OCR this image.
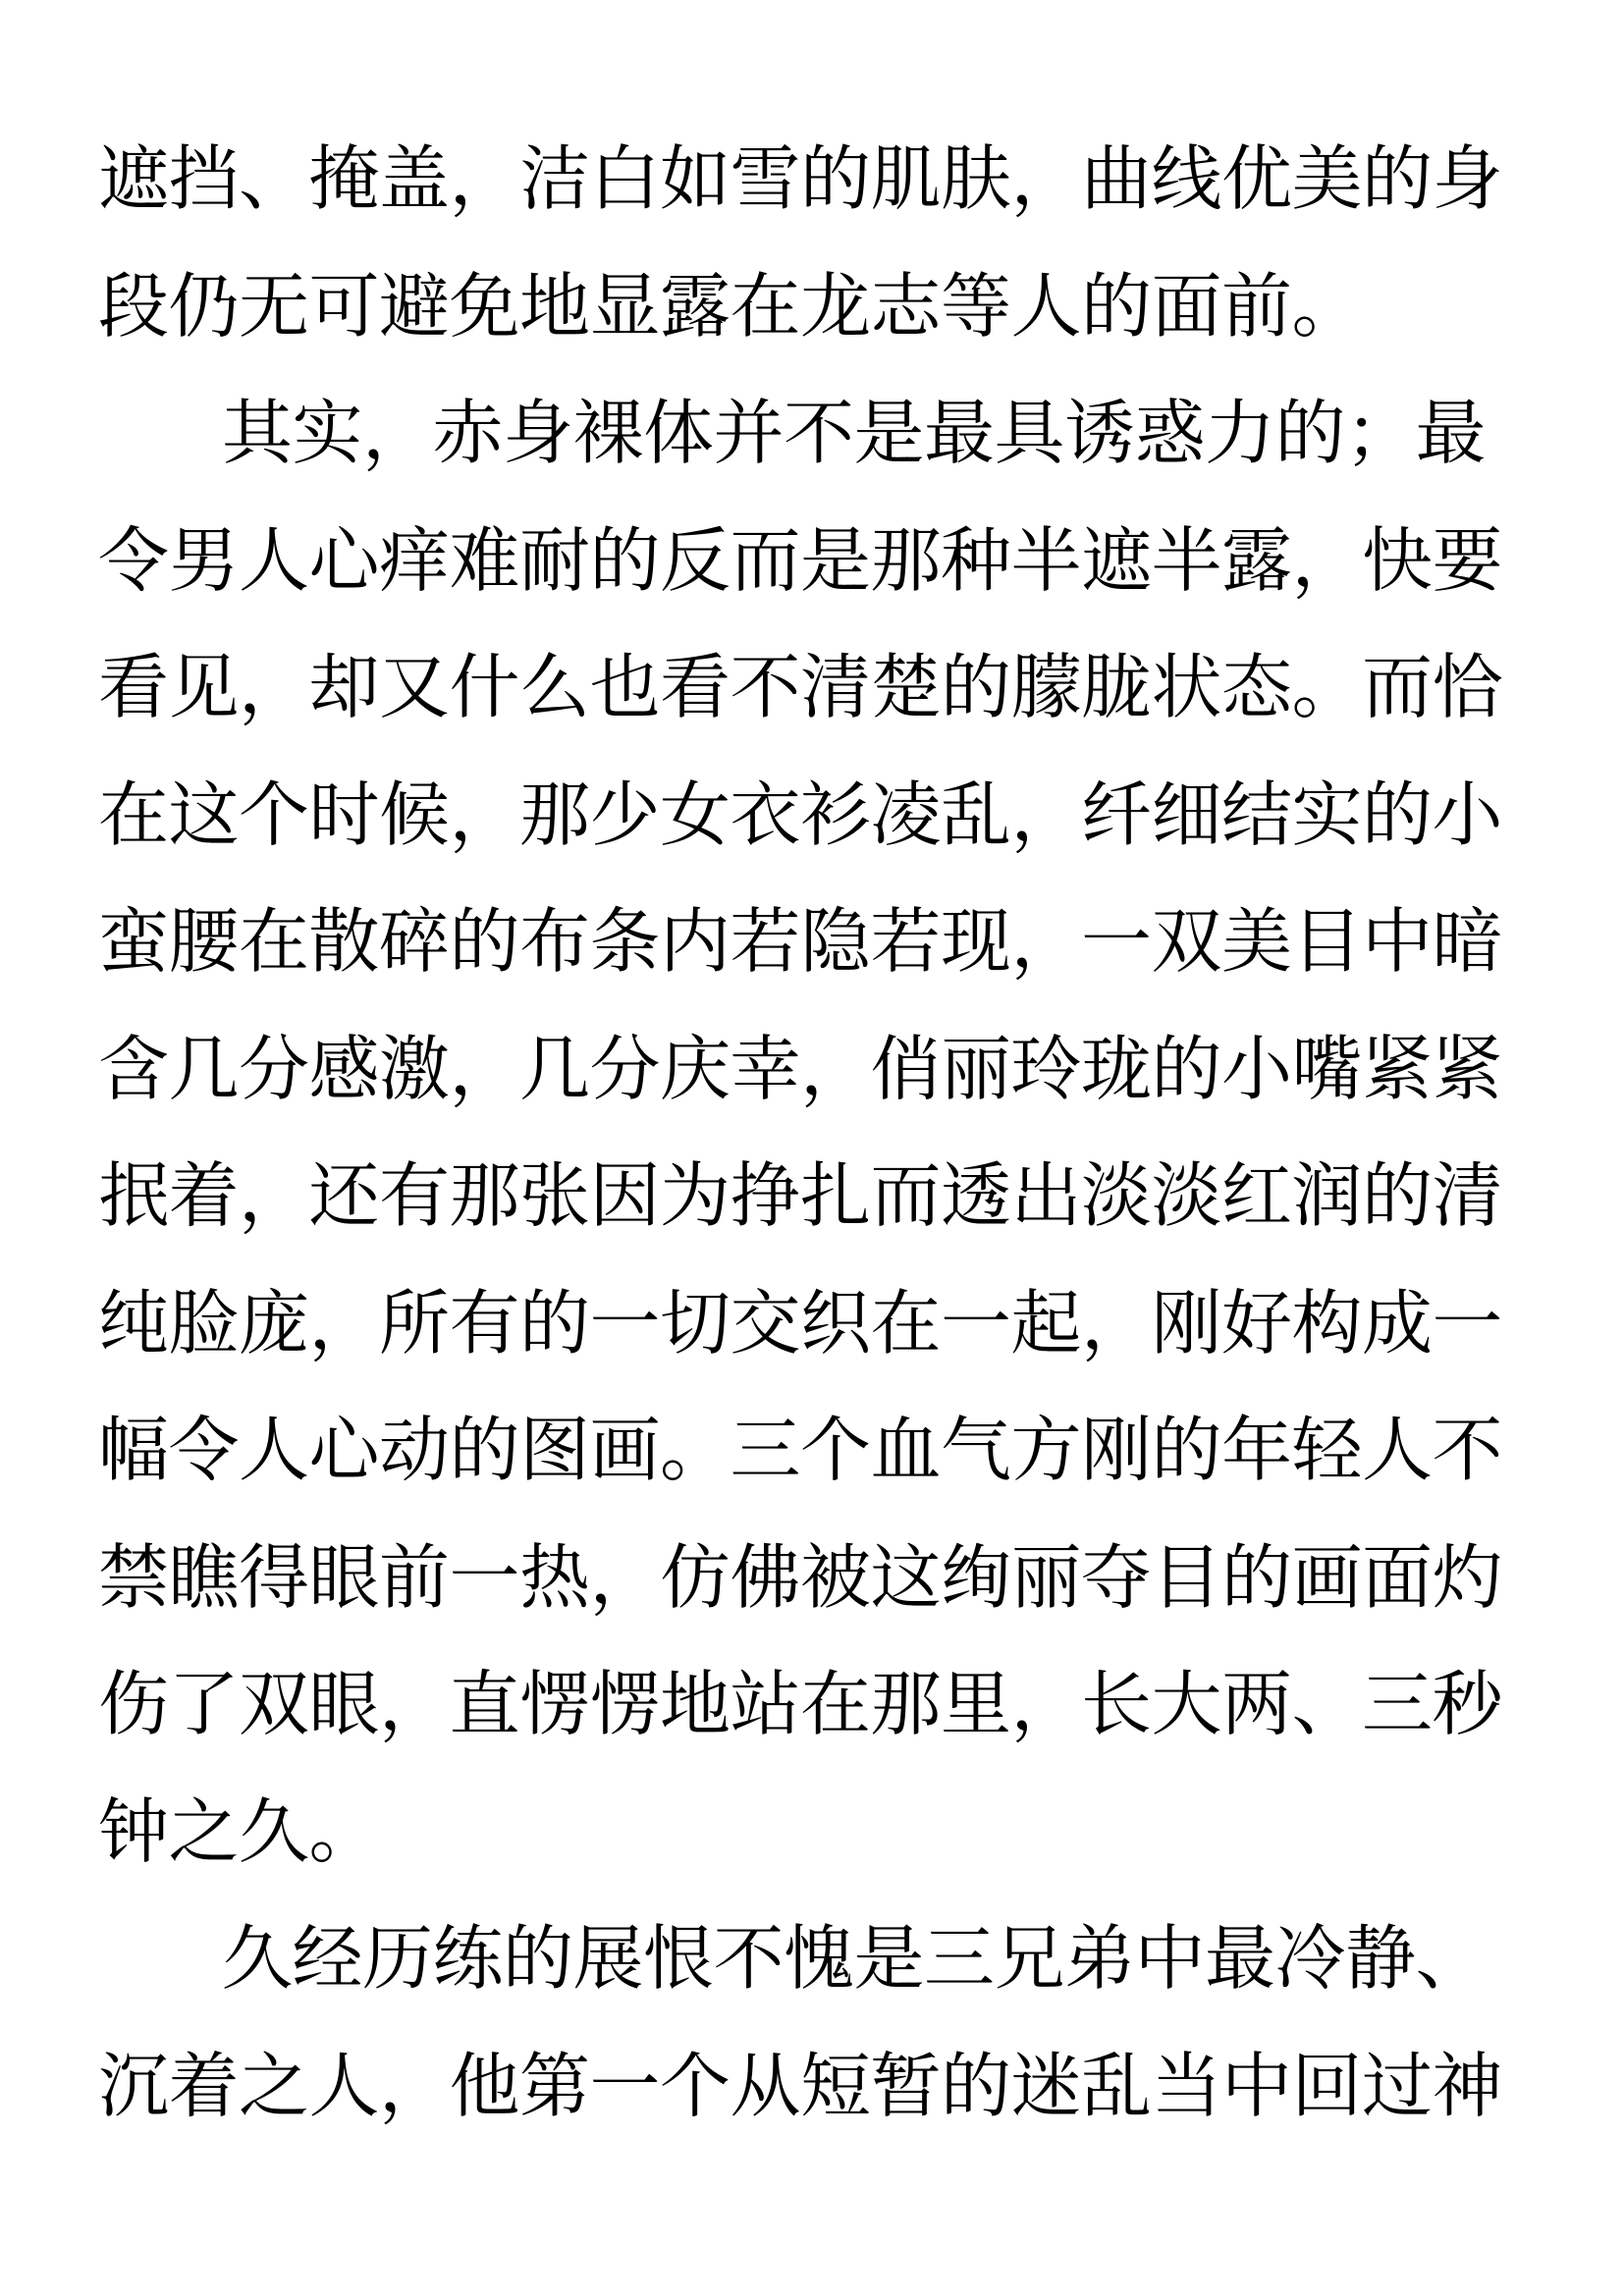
遮挡、掩盖，洁白如雪的肌肤，曲线优美的身
段仍无可避免地显露在龙志等人的面前。
其实，赤身裸体并不是最具诱惑力的；最
令男人心痒难耐的反而是那种半遮半露，快要
看见，却又什么也看不清楚的朦胧状态。而恰
在这个时候，那少女衣衫凌乱，纤细结实的小
蛮腰在散碎的布条内若隐若现，一双美目中暗
含几分感激，几分庆幸，俏丽玲珑的小嘴紧紧
抿着，还有那张因为挣扎而透出淡淡红润的清
纯脸庞，所有的一切交织在一起，刚好构成一
幅令人心动的图画。三个血气方刚的年轻人不
禁瞧得眼前一热，仿佛被这绚丽夺目的画面灼
伤了双眼，直愣愣地站在那里，长大两、三秒
钟之久。
久经历练的展恨不愧是三兄弟中最冷静、
沉着之人，他第一个从短暂的迷乱当中回过神
